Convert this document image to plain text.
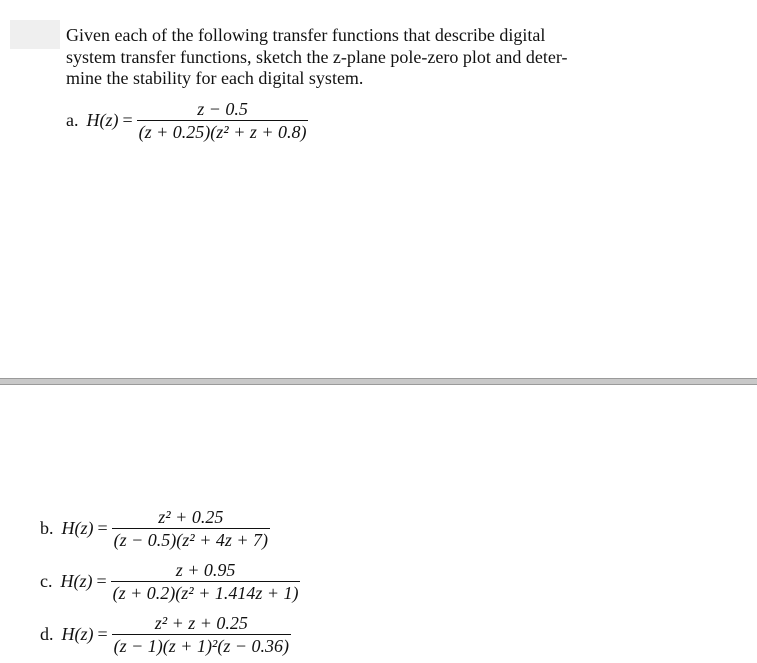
Given each of the following transfer functions that describe digital
system transfer functions, sketch the z-plane pole-zero plot and deter-
mine the stability for each digital system.
a. $H(z) = \frac{z - 0.5}{\text{(z + 0.25)(z² + z + 0.8)}}$
b. $H(z) = \frac{\text{z² + 0.25}}{\text{(z − 0.5)(z² + 4z + 7)}}$
c. $H(z) = \frac{z + 0.95}{\text{(z + 0.2)(z² + 1.414z + 1)}}$
d. $H(z) = \frac{\text{z² + z + 0.25}}{\text{(z − 1)(z + 1)²(z − 0.36)}}$
